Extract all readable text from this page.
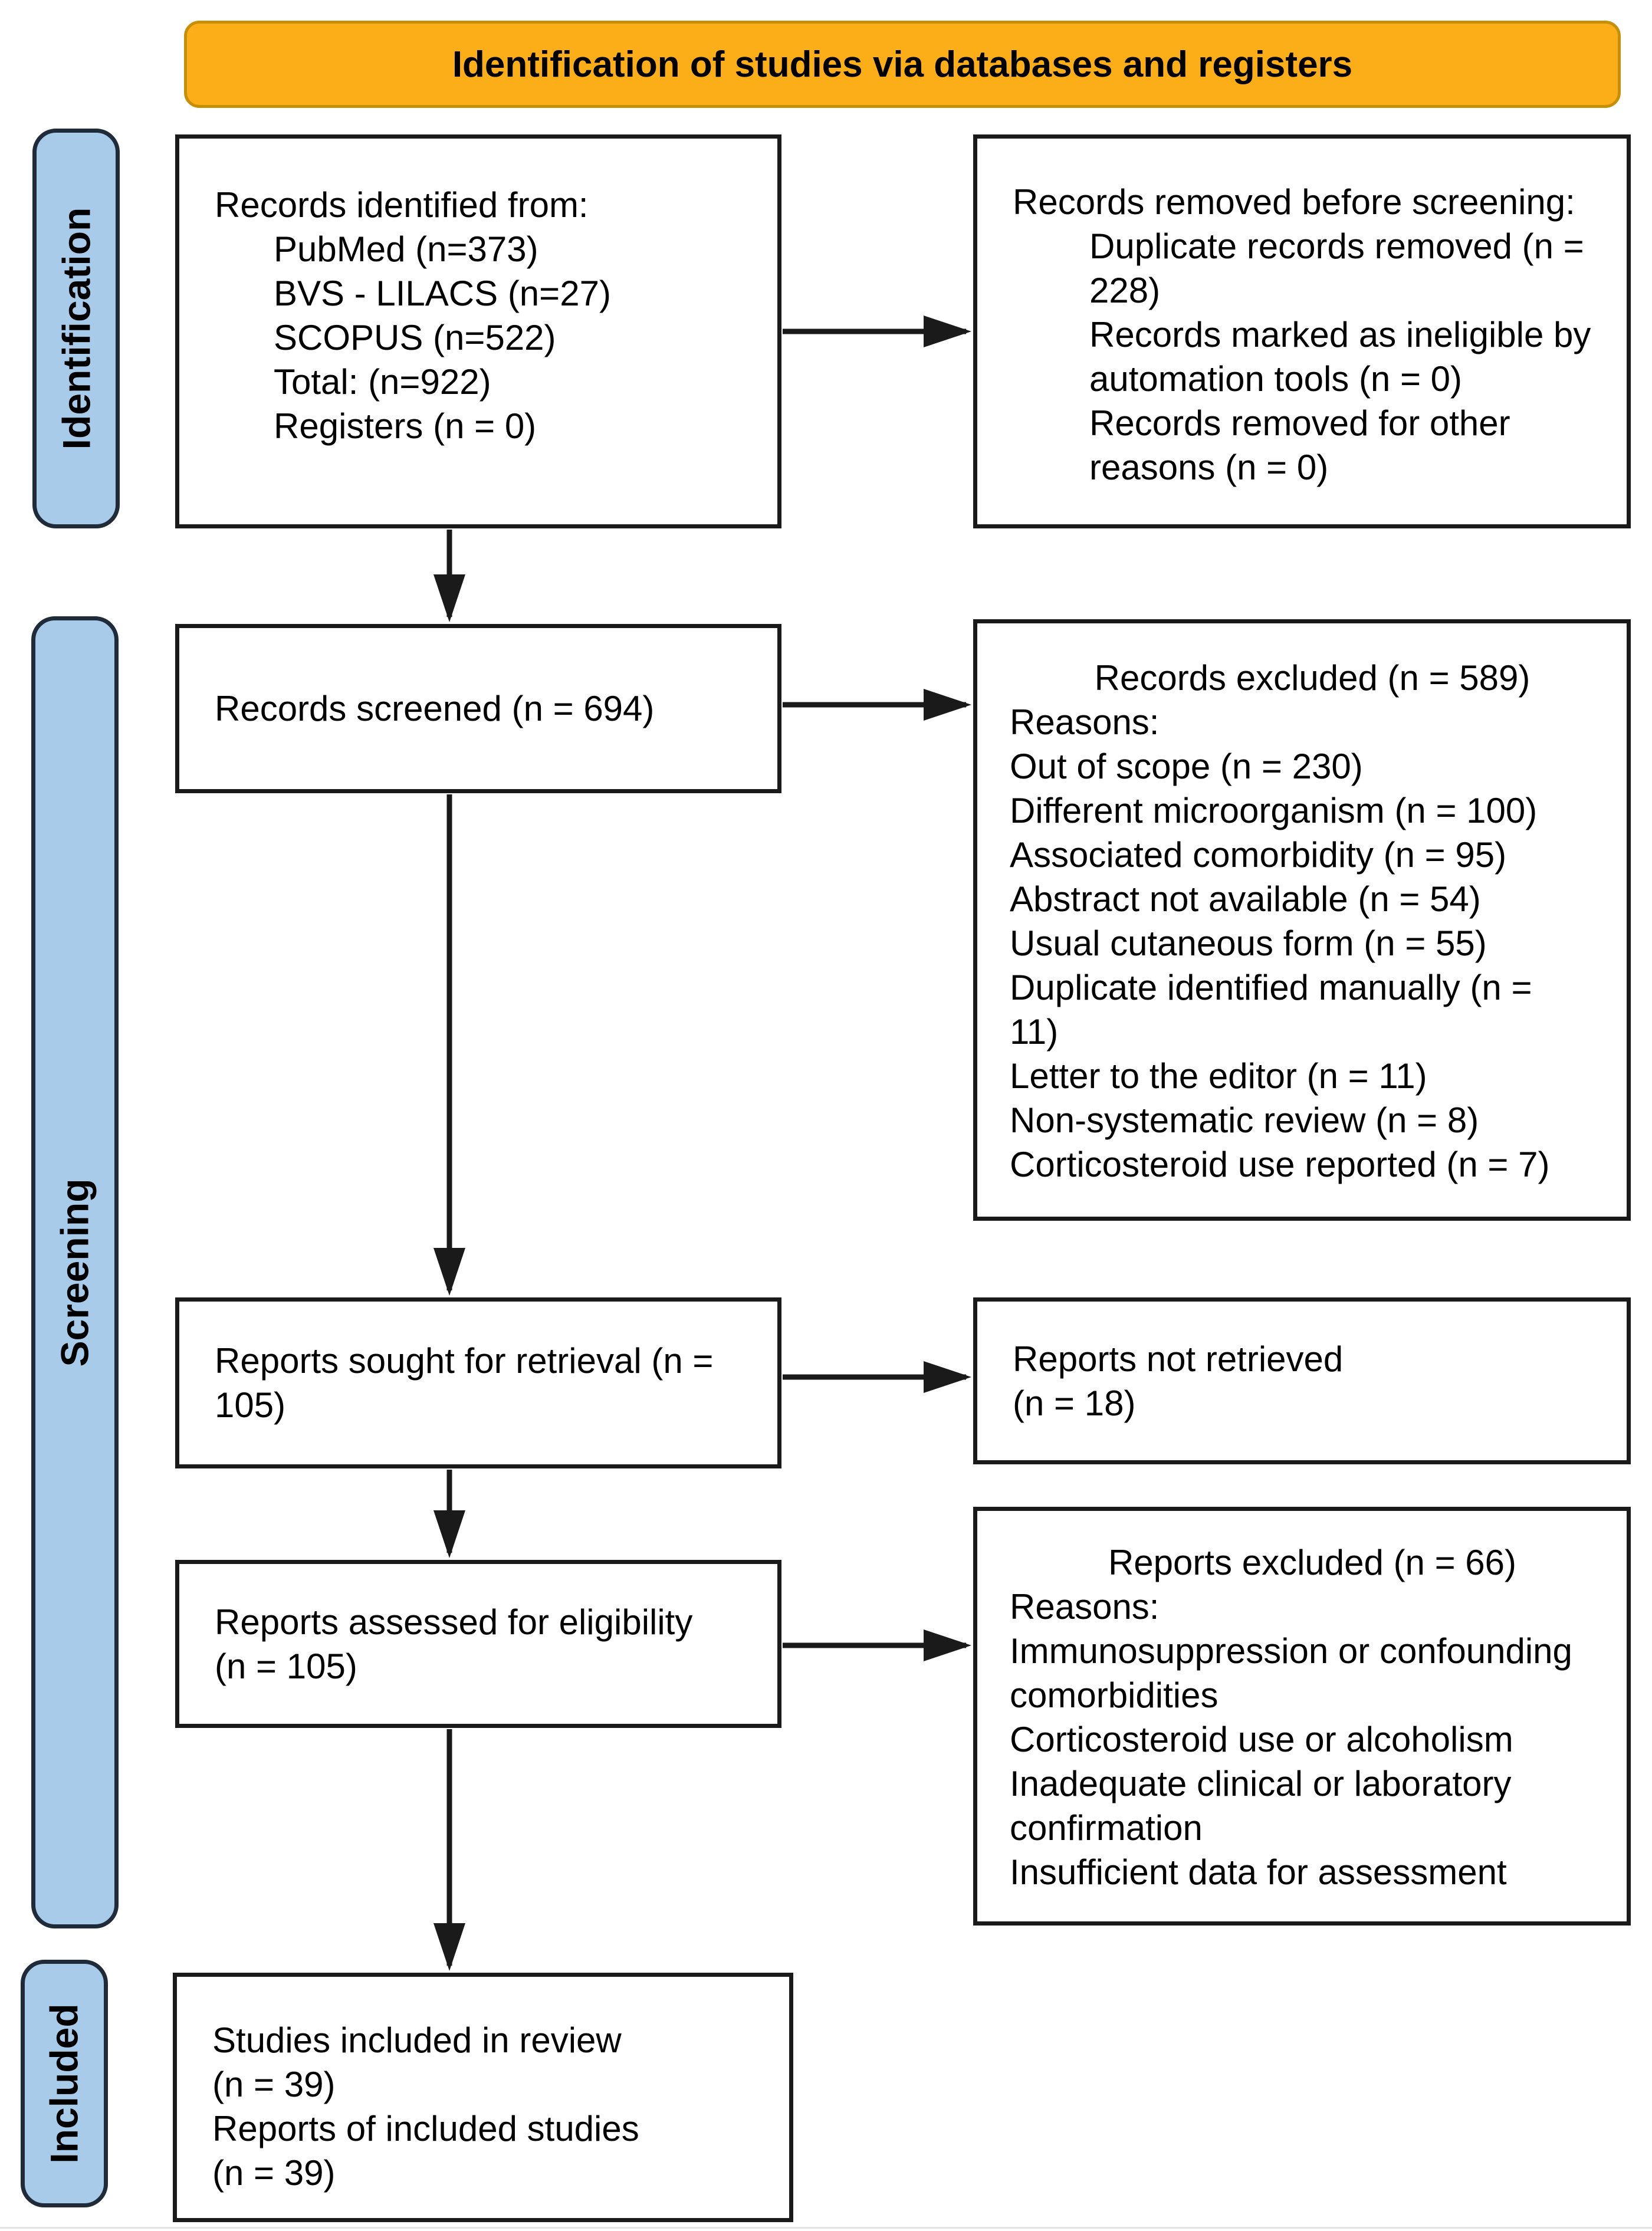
Identification of studies via databases and registers
Identification
Screening
Included
Records identified from:
PubMed (n=373)
BVS - LILACS (n=27)
SCOPUS (n=522)
Total: (n=922)
Registers (n = 0)
Records removed before screening:
Duplicate records removed (n =
228)
Records marked as ineligible by
automation tools (n = 0)
Records removed for other
reasons (n = 0)
Records screened (n = 694)
Records excluded (n = 589)
Reasons:
Out of scope (n = 230)
Different microorganism (n = 100)
Associated comorbidity (n = 95)
Abstract not available (n = 54)
Usual cutaneous form (n = 55)
Duplicate identified manually (n =
11)
Letter to the editor (n = 11)
Non-systematic review (n = 8)
Corticosteroid use reported (n = 7)
Reports sought for retrieval (n =
105)
Reports not retrieved
(n = 18)
Reports assessed for eligibility
(n = 105)
Reports excluded (n = 66)
Reasons:
Immunosuppression or confounding
comorbidities
Corticosteroid use or alcoholism
Inadequate clinical or laboratory
confirmation
Insufficient data for assessment
Studies included in review
(n = 39)
Reports of included studies
(n = 39)
